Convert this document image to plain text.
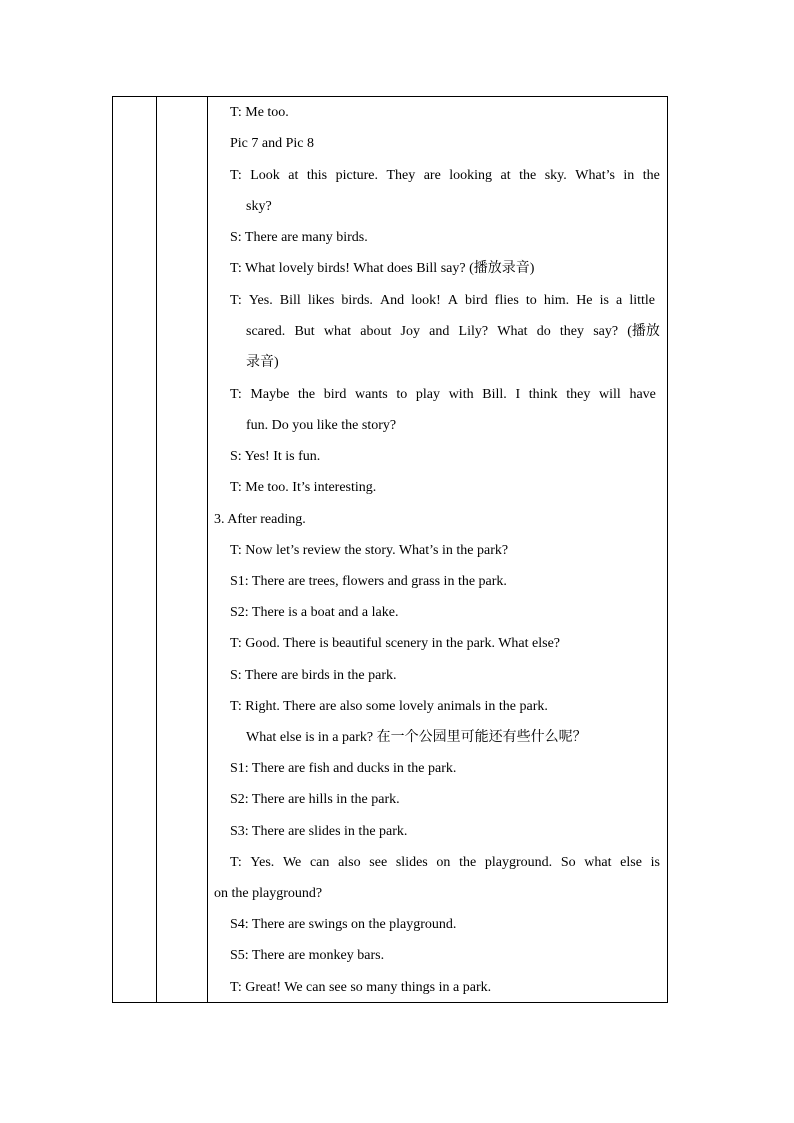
T: Me too.
Pic 7 and Pic 8
T: Look at this picture. They are looking at the sky. What’s in the
sky?
S: There are many birds.
T: What lovely birds! What does Bill say? (播放录音)
T: Yes. Bill likes birds. And look! A bird flies to him. He is a little
scared. But what about Joy and Lily? What do they say? (播放
录音)
T: Maybe the bird wants to play with Bill. I think they will have
fun. Do you like the story?
S: Yes! It is fun.
T: Me too. It’s interesting.
3. After reading.
T: Now let’s review the story. What’s in the park?
S1: There are trees, flowers and grass in the park.
S2: There is a boat and a lake.
T: Good. There is beautiful scenery in the park. What else?
S: There are birds in the park.
T: Right. There are also some lovely animals in the park.
What else is in a park? 在一个公园里可能还有些什么呢？
S1: There are fish and ducks in the park.
S2: There are hills in the park.
S3: There are slides in the park.
T: Yes. We can also see slides on the playground. So what else is
on the playground?
S4: There are swings on the playground.
S5: There are monkey bars.
T: Great! We can see so many things in a park.
